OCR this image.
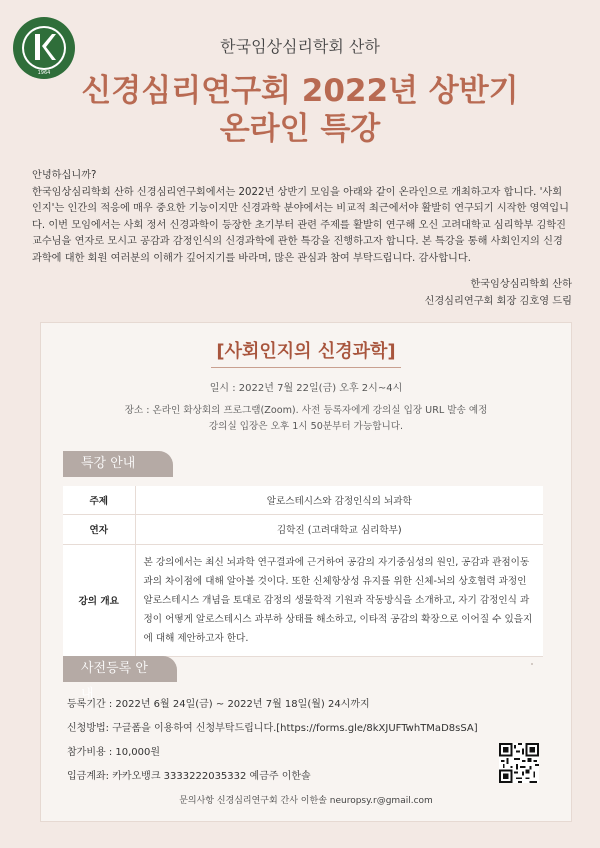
1964
한국임상심리학회 산하
신경심리연구회 2022년 상반기
온라인 특강

안녕하십니까?

한국임상심리학회 산하 신경심리연구회에서는 2022년 상반기 모임을 아래와 같이 온라인으로 개최하고자 합니다. '사회 인지'는 인간의 적응에 매우 중요한 기능이지만 신경과학 분야에서는 비교적 최근에서야 활발히 연구되기 시작한 영역입니다. 이번 모임에서는 사회 정서 신경과학이 등장한 초기부터 관련 주제를 활발히 연구해 오신 고려대학교 심리학부 김학진 교수님을 연자로 모시고 공감과 감정인식의 신경과학에 관한 특강을 진행하고자 합니다. 본 특강을 통해 사회인지의 신경과학에 대한 회원 여러분의 이해가 깊어지기를 바라며, 많은 관심과 참여 부탁드립니다. 감사합니다.

한국임상심리학회 산하
신경심리연구회 회장 김호영 드림
[사회인지의 신경과학]
일시 : 2022년 7월 22일(금) 오후 2시~4시
장소 : 온라인 화상회의 프로그램(Zoom). 사전 등록자에게 강의실 입장 URL 발송 예정
강의실 입장은 오후 1시 50분부터 가능합니다.
특강 안내
주제	알로스테시스와 감정인식의 뇌과학
연자	김학진 (고려대학교 심리학부)
강의 개요	본 강의에서는 최신 뇌과학 연구결과에 근거하여 공감의 자기중심성의 원인, 공감과 관점이동과의 차이점에 대해 알아볼 것이다. 또한 신체항상성 유지를 위한 신체-뇌의 상호협력 과정인 알로스테시스 개념을 토대로 감정의 생물학적 기원과 작동방식을 소개하고, 자기 감정인식 과정이 어떻게 알로스테시스 과부하 상태를 해소하고, 이타적 공감의 확장으로 이어질 수 있을지에 대해 제안하고자 한다.
사전등록 안내
등록기간 : 2022년 6월 24일(금) ~ 2022년 7월 18일(월) 24시까지
신청방법: 구글폼을 이용하여 신청부탁드립니다.[https://forms.gle/8kXJUFTwhTMaD8sSA]
참가비용 : 10,000원
입금계좌: 카카오뱅크 3333222035332 예금주 이한솔
문의사항 신경심리연구회 간사 이한솔 neuropsy.r@gmail.com
